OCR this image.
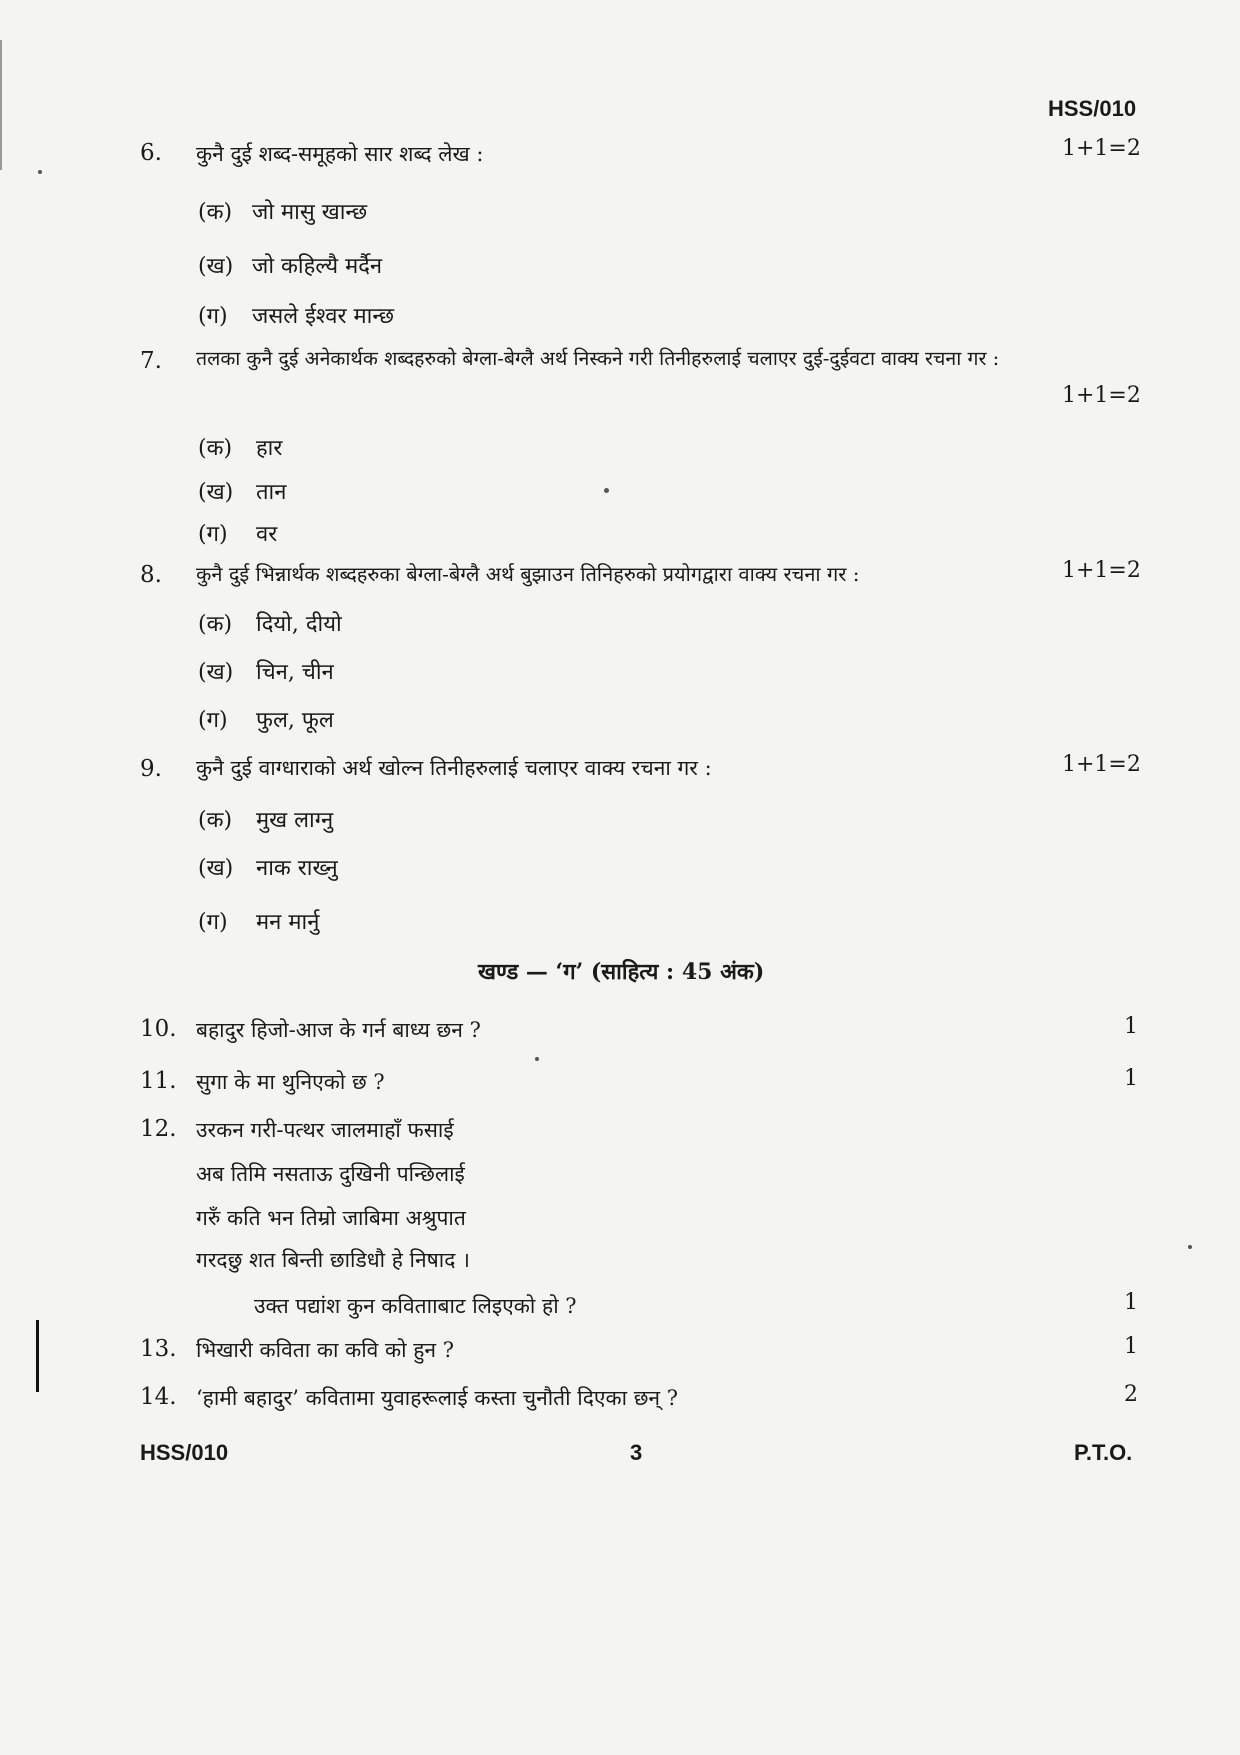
HSS/010
6. कुनै दुई शब्द-समूहको सार शब्द लेख :	1+1=2
(क) जो मासु खान्छ
(ख) जो कहिल्यै मर्दैन
(ग) जसले ईश्वर मान्छ
7. तलका कुनै दुई अनेकार्थक शब्दहरुको बेग्ला-बेग्लै अर्थ निस्कने गरी तिनीहरुलाई चलाएर दुई-दुईवटा वाक्य रचना गर :
1+1=2
(क) हार
(ख) तान
(ग) वर
8. कुनै दुई भिन्नार्थक शब्दहरुका बेग्ला-बेग्लै अर्थ बुझाउन तिनिहरुको प्रयोगद्वारा वाक्य रचना गर :	1+1=2
(क) दियो, दीयो
(ख) चिन, चीन
(ग) फुल, फूल
9. कुनै दुई वाग्धाराको अर्थ खोल्न तिनीहरुलाई चलाएर वाक्य रचना गर :	1+1=2
(क) मुख लाग्नु
(ख) नाक राख्नु
(ग) मन मार्नु
खण्ड — ‘ग’ (साहित्य : 45 अंक)
10. बहादुर हिजो-आज के गर्न बाध्य छन ?	1
11. सुगा के मा थुनिएको छ ?	1
12. उरकन गरी-पत्थर जालमाहाँ फसाई
अब तिमि नसताऊ दुखिनी पन्छिलाई
गरुँ कति भन तिम्रो जाबिमा अश्रुपात
गरदछु शत बिन्ती छाडिधौ हे निषाद ।
उक्त पद्यांश कुन कवितााबाट लिइएको हो ?	1
13. भिखारी कविता का कवि को हुन ?	1
14. ‘हामी बहादुर’ कवितामा युवाहरूलाई कस्ता चुनौती दिएका छन् ?	2
HSS/010	3	P.T.O.
